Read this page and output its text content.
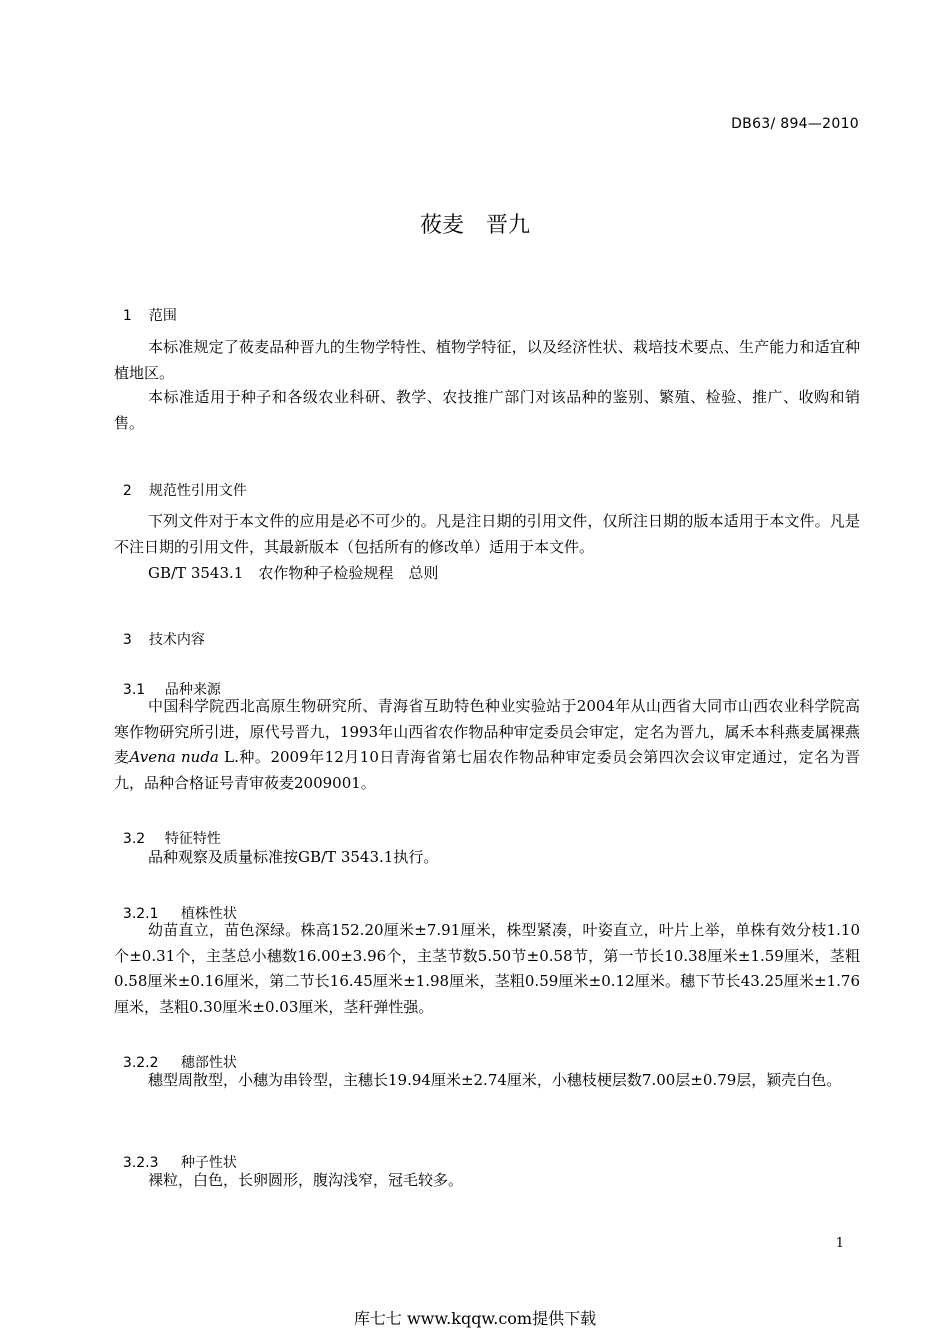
DB63/ 894—2010
莜麦　晋九

1 范围

本标准规定了莜麦品种晋九的生物学特性、植物学特征，以及经济性状、栽培技术要点、生产能力和适宜种植地区。
本标准适用于种子和各级农业科研、教学、农技推广部门对该品种的鉴别、繁殖、检验、推广、收购和销售。

2 规范性引用文件

下列文件对于本文件的应用是必不可少的。凡是注日期的引用文件，仅所注日期的版本适用于本文件。凡是不注日期的引用文件，其最新版本（包括所有的修改单）适用于本文件。
GB/T 3543.1　农作物种子检验规程　总则

3 技术内容

3.1 品种来源

中国科学院西北高原生物研究所、青海省互助特色种业实验站于2004年从山西省大同市山西农业科学院高寒作物研究所引进，原代号晋九，1993年山西省农作物品种审定委员会审定，定名为晋九，属禾本科燕麦属裸燕麦Avena nuda L.种。2009年12月10日青海省第七届农作物品种审定委员会第四次会议审定通过，定名为晋九，品种合格证号青审莜麦2009001。

3.2 特征特性

品种观察及质量标准按GB/T 3543.1执行。

3.2.1 植株性状

幼苗直立，苗色深绿。株高152.20厘米±7.91厘米，株型紧凑，叶姿直立，叶片上举，单株有效分枝1.10个±0.31个，主茎总小穗数16.00±3.96个，主茎节数5.50节±0.58节，第一节长10.38厘米±1.59厘米，茎粗0.58厘米±0.16厘米，第二节长16.45厘米±1.98厘米，茎粗0.59厘米±0.12厘米。穗下节长43.25厘米±1.76厘米，茎粗0.30厘米±0.03厘米，茎秆弹性强。

3.2.2 穗部性状

穗型周散型，小穗为串铃型，主穗长19.94厘米±2.74厘米，小穗枝梗层数7.00层±0.79层，颖壳白色。

3.2.3 种子性状

裸粒，白色，长卵圆形，腹沟浅窄，冠毛较多。
1
库七七 www.kqqw.com提供下载
